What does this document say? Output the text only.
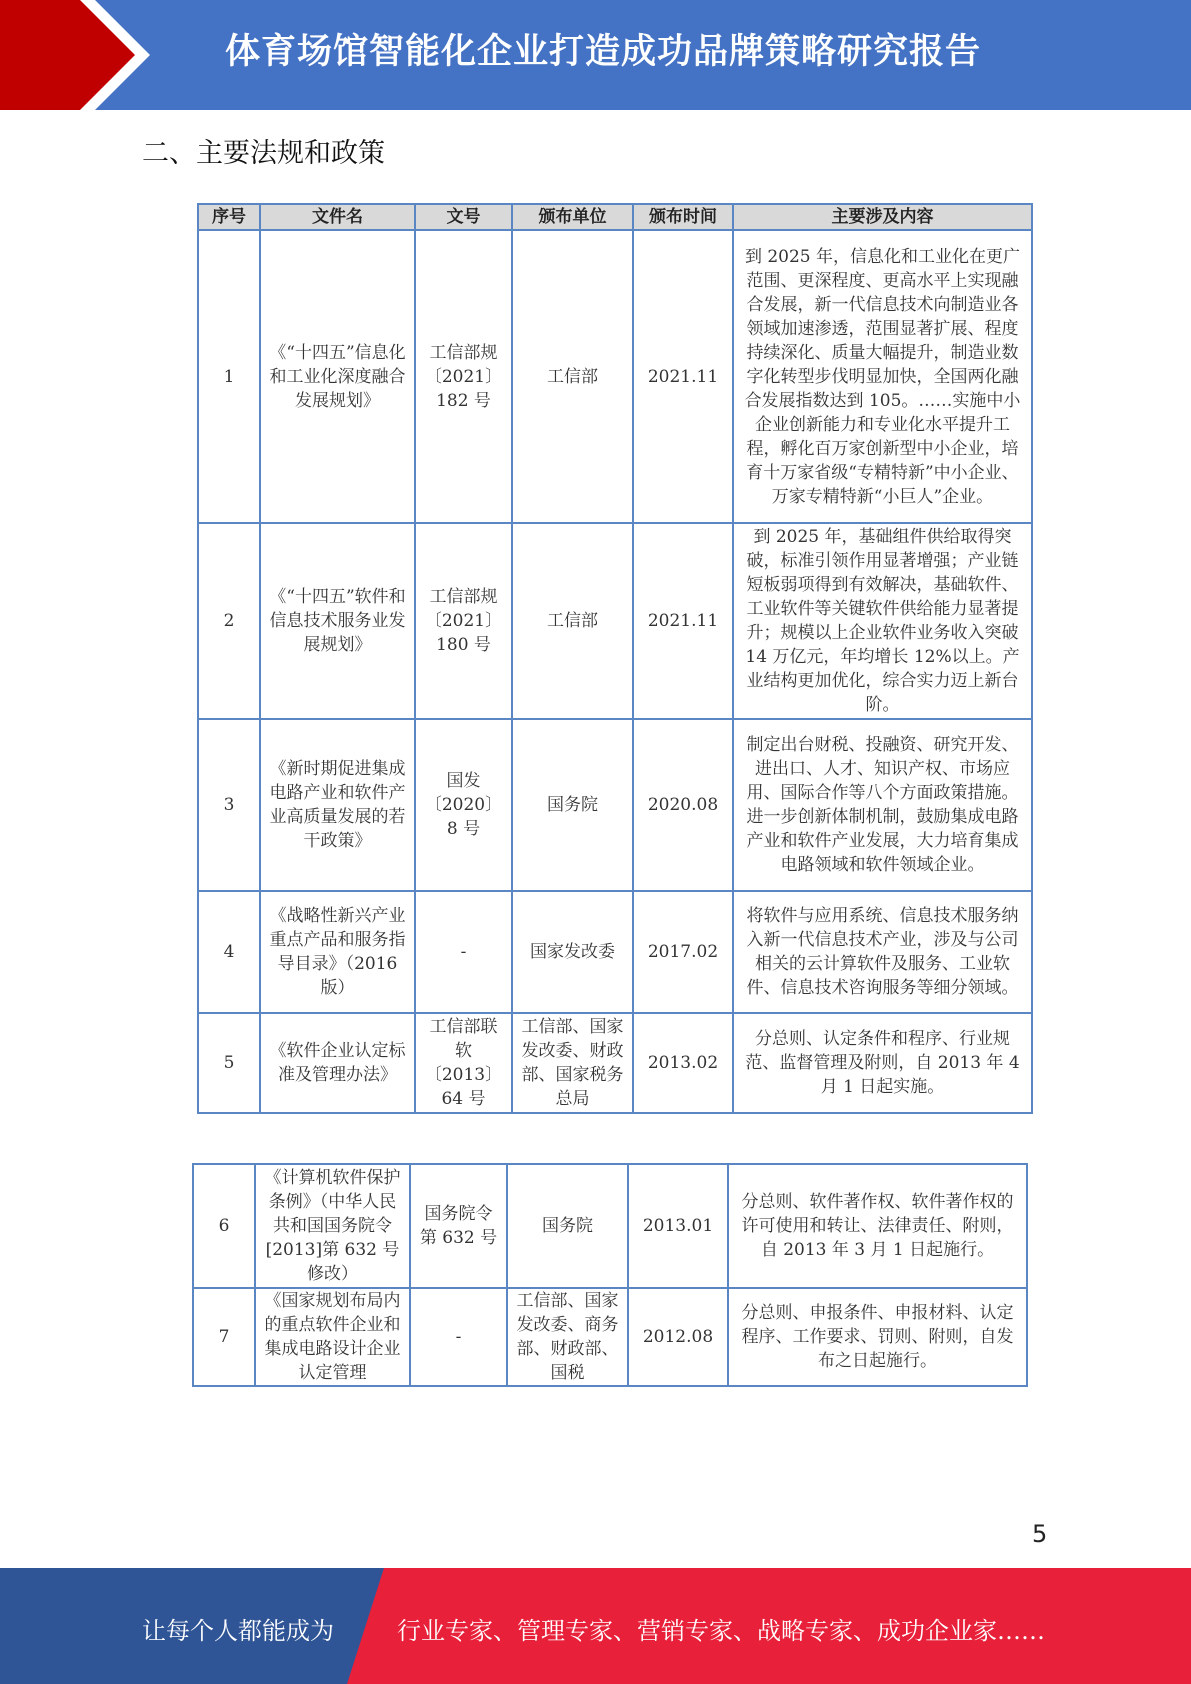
体育场馆智能化企业打造成功品牌策略研究报告
二、主要法规和政策
序号	文件名	文号	颁布单位	颁布时间	主要涉及内容
1	《“十四五”信息化和工业化深度融合发展规划》	工信部规〔2021〕182 号	工信部	2021.11	到 2025 年，信息化和工业化在更广范围、更深程度、更高水平上实现融合发展，新一代信息技术向制造业各领域加速渗透，范围显著扩展、程度持续深化、质量大幅提升，制造业数字化转型步伐明显加快，全国两化融合发展指数达到 105。……实施中小企业创新能力和专业化水平提升工程，孵化百万家创新型中小企业，培育十万家省级“专精特新”中小企业、万家专精特新“小巨人”企业。
2	《“十四五”软件和信息技术服务业发展规划》	工信部规〔2021〕180 号	工信部	2021.11	到 2025 年，基础组件供给取得突破，标准引领作用显著增强；产业链短板弱项得到有效解决，基础软件、工业软件等关键软件供给能力显著提升；规模以上企业软件业务收入突破 14 万亿元，年均增长 12%以上。产业结构更加优化，综合实力迈上新台阶。
3	《新时期促进集成电路产业和软件产业高质量发展的若干政策》	国发〔2020〕8 号	国务院	2020.08	制定出台财税、投融资、研究开发、进出口、人才、知识产权、市场应用、国际合作等八个方面政策措施。进一步创新体制机制，鼓励集成电路产业和软件产业发展，大力培育集成电路领域和软件领域企业。
4	《战略性新兴产业重点产品和服务指导目录》（2016 版）	-	国家发改委	2017.02	将软件与应用系统、信息技术服务纳入新一代信息技术产业，涉及与公司相关的云计算软件及服务、工业软件、信息技术咨询服务等细分领域。
5	《软件企业认定标准及管理办法》	工信部联软〔2013〕64 号	工信部、国家发改委、财政部、国家税务总局	2013.02	分总则、认定条件和程序、行业规范、监督管理及附则，自 2013 年 4 月 1 日起实施。
6	《计算机软件保护条例》（中华人民共和国国务院令[2013]第 632 号修改）	国务院令第 632 号	国务院	2013.01	分总则、软件著作权、软件著作权的许可使用和转让、法律责任、附则，自 2013 年 3 月 1 日起施行。
7	《国家规划布局内的重点软件企业和集成电路设计企业认定管理	-	工信部、国家发改委、商务部、财政部、国税	2012.08	分总则、申报条件、申报材料、认定程序、工作要求、罚则、附则，自发布之日起施行。
5
让每个人都能成为	行业专家、管理专家、营销专家、战略专家、成功企业家……
